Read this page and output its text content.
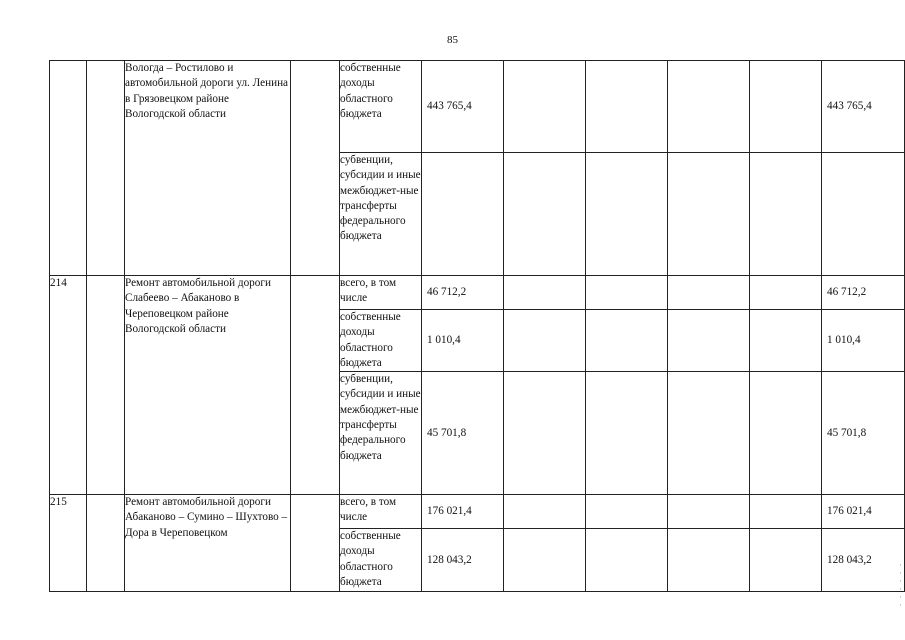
85
		Вологда – Ростилово и автомобильной дороги ул. Ленина в Грязовецком районе Вологодской области		собственные доходы областного бюджета	443 765,4					443 765,4
				субвенции, субсидии и иные межбюджет-ные трансферты федерального бюджета						
214		Ремонт автомобильной дороги Слабеево – Абаканово в Череповецком районе Вологодской области		всего, в том числе	46 712,2					46 712,2
				собственные доходы областного бюджета	1 010,4					1 010,4
				субвенции, субсидии и иные межбюджет-ные трансферты федерального бюджета	45 701,8					45 701,8
215		Ремонт автомобильной дороги Абаканово – Сумино – Шухтово – Дора в Череповецком		всего, в том числе	176 021,4					176 021,4
				собственные доходы областного бюджета	128 043,2					128 043,2	·
·
·
·
·
·
